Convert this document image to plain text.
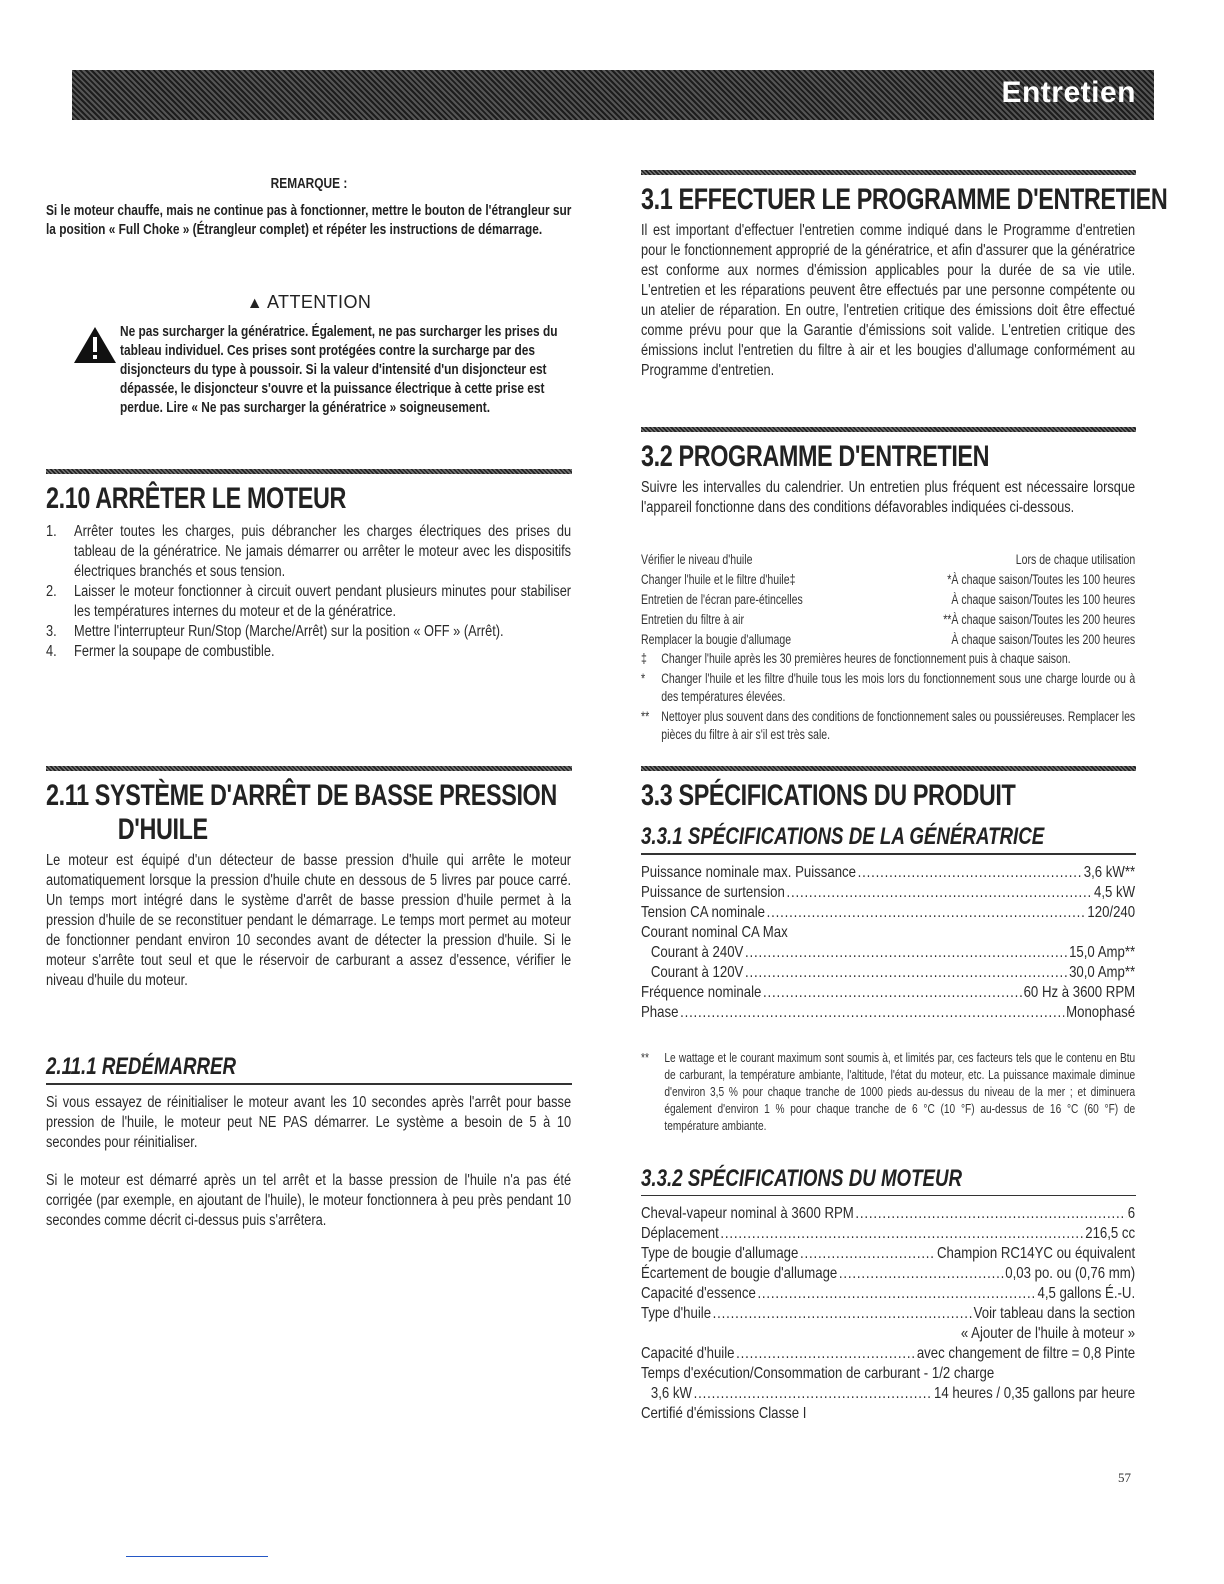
Entretien
REMARQUE :
Si le moteur chauffe, mais ne continue pas à fonctionner, mettre le bouton de l'étrangleur sur la position « Full Choke » (Étrangleur complet) et répéter les instructions de démarrage.
▲ ATTENTION
Ne pas surcharger la génératrice. Également, ne pas surcharger les prises du tableau individuel. Ces prises sont protégées contre la surcharge par des disjoncteurs du type à poussoir. Si la valeur d'intensité d'un disjoncteur est dépassée, le disjoncteur s'ouvre et la puissance électrique à cette prise est perdue. Lire « Ne pas surcharger la génératrice » soigneusement.
2.10 ARRÊTER LE MOTEUR
1. Arrêter toutes les charges, puis débrancher les charges électriques des prises du tableau de la génératrice. Ne jamais démarrer ou arrêter le moteur avec les dispositifs électriques branchés et sous tension.
2. Laisser le moteur fonctionner à circuit ouvert pendant plusieurs minutes pour stabiliser les températures internes du moteur et de la génératrice.
3. Mettre l'interrupteur Run/Stop (Marche/Arrêt) sur la position « OFF » (Arrêt).
4. Fermer la soupape de combustible.
2.11 SYSTÈME D'ARRÊT DE BASSE PRESSION
D'HUILE
Le moteur est équipé d'un détecteur de basse pression d'huile qui arrête le moteur automatiquement lorsque la pression d'huile chute en dessous de 5 livres par pouce carré. Un temps mort intégré dans le système d'arrêt de basse pression d'huile permet à la pression d'huile de se reconstituer pendant le démarrage. Le temps mort permet au moteur de fonctionner pendant environ 10 secondes avant de détecter la pression d'huile. Si le moteur s'arrête tout seul et que le réservoir de carburant a assez d'essence, vérifier le niveau d'huile du moteur.
2.11.1 REDÉMARRER
Si vous essayez de réinitialiser le moteur avant les 10 secondes après l'arrêt pour basse pression de l'huile, le moteur peut NE PAS démarrer. Le système a besoin de 5 à 10 secondes pour réinitialiser.
Si le moteur est démarré après un tel arrêt et la basse pression de l'huile n'a pas été corrigée (par exemple, en ajoutant de l'huile), le moteur fonctionnera à peu près pendant 10 secondes comme décrit ci-dessus puis s'arrêtera.
3.1 EFFECTUER LE PROGRAMME D'ENTRETIEN
Il est important d'effectuer l'entretien comme indiqué dans le Programme d'entretien pour le fonctionnement approprié de la génératrice, et afin d'assurer que la génératrice est conforme aux normes d'émission applicables pour la durée de sa vie utile. L'entretien et les réparations peuvent être effectués par une personne compétente ou un atelier de réparation. En outre, l'entretien critique des émissions doit être effectué comme prévu pour que la Garantie d'émissions soit valide. L'entretien critique des émissions inclut l'entretien du filtre à air et les bougies d'allumage conformément au Programme d'entretien.
3.2 PROGRAMME D'ENTRETIEN
Suivre les intervalles du calendrier. Un entretien plus fréquent est nécessaire lorsque l'appareil fonctionne dans des conditions défavorables indiquées ci-dessous.
Vérifier le niveau d'huile	Lors de chaque utilisation
Changer l'huile et le filtre d'huile‡	*À chaque saison/Toutes les 100 heures
Entretien de l'écran pare-étincelles	À chaque saison/Toutes les 100 heures
Entretien du filtre à air	**À chaque saison/Toutes les 200 heures
Remplacer la bougie d'allumage	À chaque saison/Toutes les 200 heures
‡ Changer l'huile après les 30 premières heures de fonctionnement puis à chaque saison.
* Changer l'huile et les filtre d'huile tous les mois lors du fonctionnement sous une charge lourde ou à des températures élevées.
** Nettoyer plus souvent dans des conditions de fonctionnement sales ou poussiéreuses. Remplacer les pièces du filtre à air s'il est très sale.
3.3 SPÉCIFICATIONS DU PRODUIT
3.3.1 SPÉCIFICATIONS DE LA GÉNÉRATRICE
Puissance nominale max. Puissance .....	3,6 kW**
Puissance de surtension .....	4,5 kW
Tension CA nominale .....	120/240
Courant nominal CA Max
Courant à 240V .....	15,0 Amp**
Courant à 120V .....	30,0 Amp**
Fréquence nominale .....	60 Hz à 3600 RPM
Phase .....	Monophasé
** Le wattage et le courant maximum sont soumis à, et limités par, ces facteurs tels que le contenu en Btu de carburant, la température ambiante, l'altitude, l'état du moteur, etc. La puissance maximale diminue d'environ 3,5 % pour chaque tranche de 1000 pieds au-dessus du niveau de la mer ; et diminuera également d'environ 1 % pour chaque tranche de 6 °C (10 °F) au-dessus de 16 °C (60 °F) de température ambiante.
3.3.2 SPÉCIFICATIONS DU MOTEUR
Cheval-vapeur nominal à 3600 RPM .....	6
Déplacement .....	216,5 cc
Type de bougie d'allumage .....	Champion RC14YC ou équivalent
Écartement de bougie d'allumage .....	0,03 po. ou (0,76 mm)
Capacité d'essence .....	4,5 gallons É.-U.
Type d'huile .....	Voir tableau dans la section
« Ajouter de l'huile à moteur »
Capacité d'huile .....	avec changement de filtre = 0,8 Pinte
Temps d'exécution/Consommation de carburant - 1/2 charge
3,6 kW .....	14 heures / 0,35 gallons par heure
Certifié d'émissions Classe I
57
